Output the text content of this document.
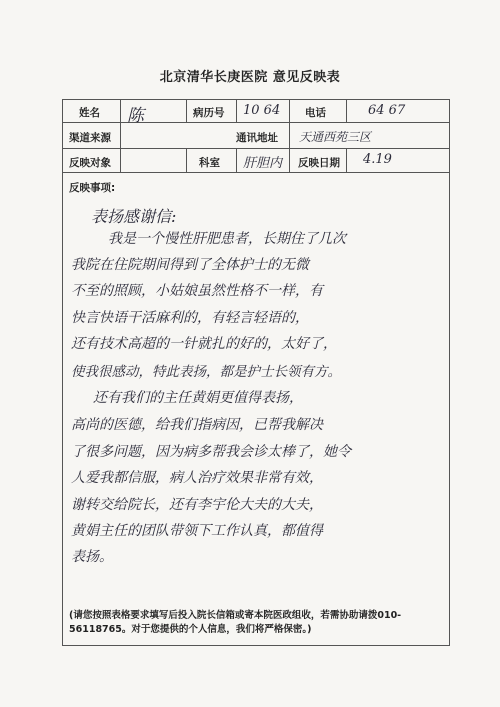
北京清华长庚医院 意见反映表
姓名 陈	病历号 10 64 电话	64 67
渠道来源	通讯地址 天通西苑三区
反映对象	科室 肝胆内 反映日期 4.19
反映事项:
表扬感谢信:
我是一个慢性肝肥患者，长期住了几次
我院在住院期间得到了全体护士的无微
不至的照顾，小姑娘虽然性格不一样，有
快言快语干活麻利的，有轻言轻语的，
还有技术高超的一针就扎的好的，太好了，
使我很感动，特此表扬，都是护士长领有方。
还有我们的主任黄娟更值得表扬，
高尚的医德，给我们指病因，已帮我解决
了很多问题，因为病多帮我会诊太棒了，她令
人爱我都信服，病人治疗效果非常有效，
谢转交给院长，还有李宇伦大夫的大夫，
黄娟主任的团队带领下工作认真，都值得
表扬。
(请您按照表格要求填写后投入院长信箱或寄本院医政组收，若需协助请拨010-56118765。对于您提供的个人信息，我们将严格保密。)
